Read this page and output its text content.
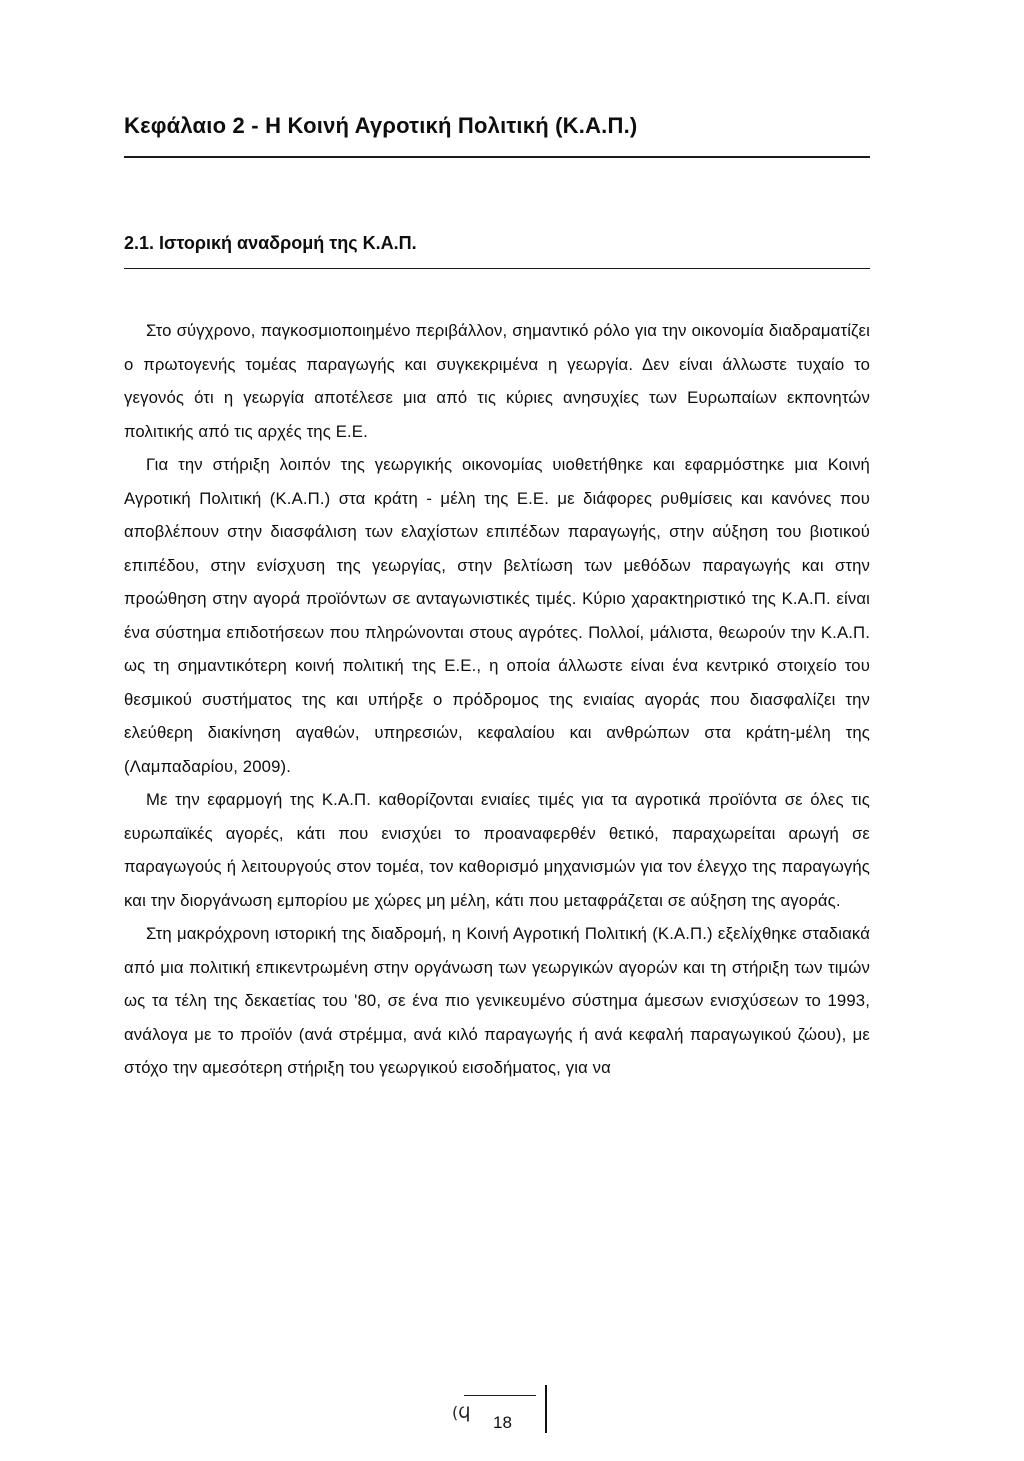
Κεφάλαιο 2 - Η Κοινή Αγροτική Πολιτική (Κ.Α.Π.)
2.1. Ιστορική αναδρομή της Κ.Α.Π.

Στο σύγχρονο, παγκοσμιοποιημένο περιβάλλον, σημαντικό ρόλο για την οικονομία διαδραματίζει ο πρωτογενής τομέας παραγωγής και συγκεκριμένα η γεωργία. Δεν είναι άλλωστε τυχαίο το γεγονός ότι η γεωργία αποτέλεσε μια από τις κύριες ανησυχίες των Ευρωπαίων εκπονητών πολιτικής από τις αρχές της Ε.Ε.

Για την στήριξη λοιπόν της γεωργικής οικονομίας υιοθετήθηκε και εφαρμόστηκε μια Κοινή Αγροτική Πολιτική (Κ.Α.Π.) στα κράτη - μέλη της Ε.Ε. με διάφορες ρυθμίσεις και κανόνες που αποβλέπουν στην διασφάλιση των ελαχίστων επιπέδων παραγωγής, στην αύξηση του βιοτικού επιπέδου, στην ενίσχυση της γεωργίας, στην βελτίωση των μεθόδων παραγωγής και στην προώθηση στην αγορά προϊόντων σε ανταγωνιστικές τιμές. Κύριο χαρακτηριστικό της Κ.Α.Π. είναι ένα σύστημα επιδοτήσεων που πληρώνονται στους αγρότες. Πολλοί, μάλιστα, θεωρούν την Κ.Α.Π. ως τη σημαντικότερη κοινή πολιτική της Ε.Ε., η οποία άλλωστε είναι ένα κεντρικό στοιχείο του θεσμικού συστήματος της και υπήρξε ο πρόδρομος της ενιαίας αγοράς που διασφαλίζει την ελεύθερη διακίνηση αγαθών, υπηρεσιών, κεφαλαίου και ανθρώπων στα κράτη-μέλη της (Λαμπαδαρίου, 2009).

Με την εφαρμογή της Κ.Α.Π. καθορίζονται ενιαίες τιμές για τα αγροτικά προϊόντα σε όλες τις ευρωπαϊκές αγορές, κάτι που ενισχύει το προαναφερθέν θετικό, παραχωρείται αρωγή σε παραγωγούς ή λειτουργούς στον τομέα, τον καθορισμό μηχανισμών για τον έλεγχο της παραγωγής και την διοργάνωση εμπορίου με χώρες μη μέλη, κάτι που μεταφράζεται σε αύξηση της αγοράς.

Στη μακρόχρονη ιστορική της διαδρομή, η Κοινή Αγροτική Πολιτική (Κ.Α.Π.) εξελίχθηκε σταδιακά από μια πολιτική επικεντρωμένη στην οργάνωση των γεωργικών αγορών και τη στήριξη των τιμών ως τα τέλη της δεκαετίας του '80, σε ένα πιο γενικευμένο σύστημα άμεσων ενισχύσεων το 1993, ανάλογα με το προϊόν (ανά στρέμμα, ανά κιλό παραγωγής ή ανά κεφαλή παραγωγικού ζώου), με στόχο την αμεσότερη στήριξη του γεωργικού εισοδήματος, για να

(Ϥ
18
